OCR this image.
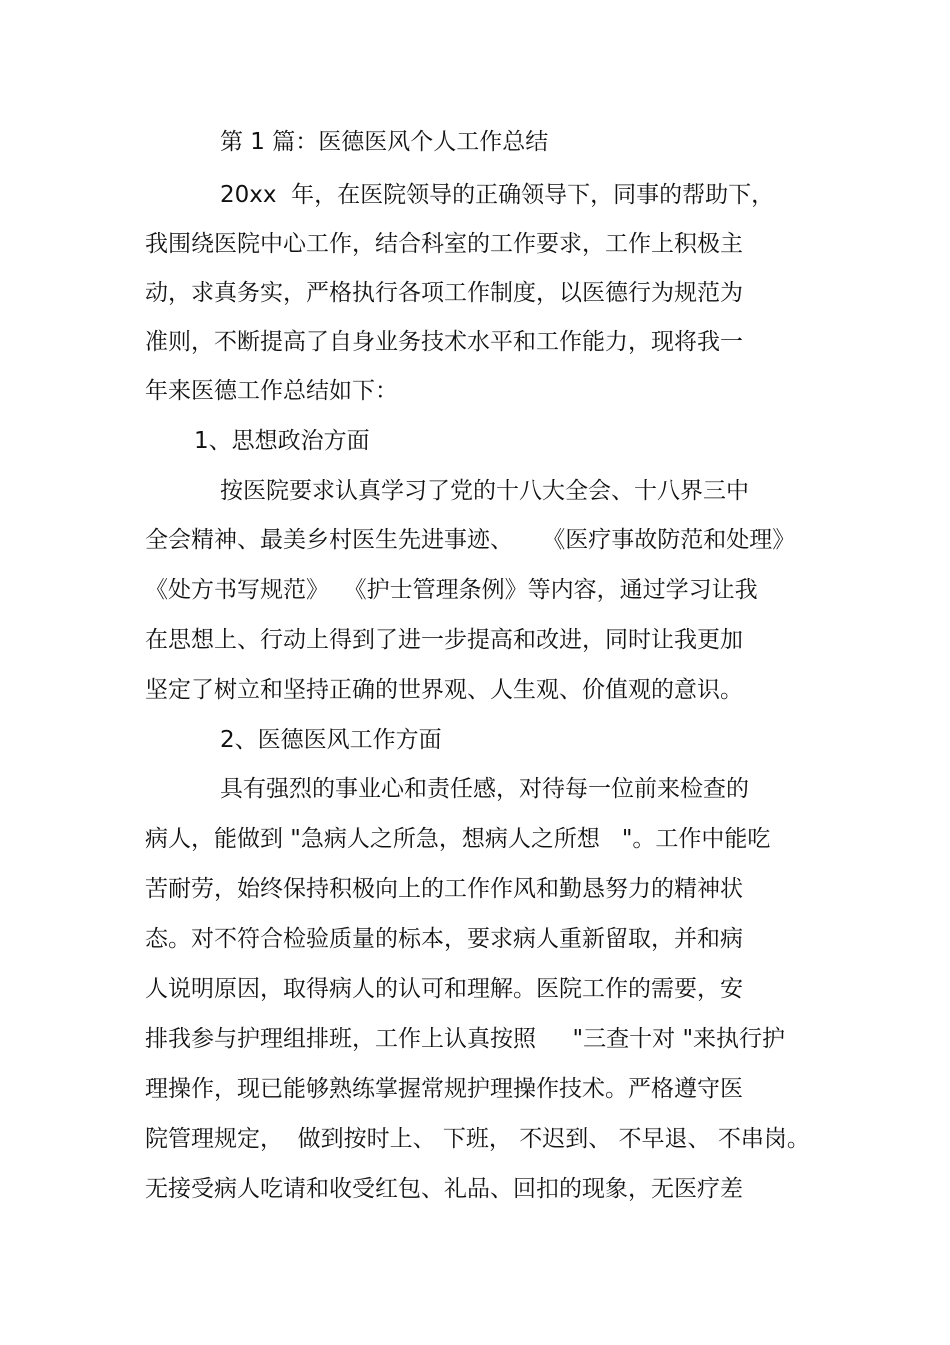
第 1 篇：医德医风个人工作总结
20xx  年，在医院领导的正确领导下，同事的帮助下，
我围绕医院中心工作，结合科室的工作要求，工作上积极主
动，求真务实，严格执行各项工作制度，以医德行为规范为
准则，不断提高了自身业务技术水平和工作能力，现将我一
年来医德工作总结如下：
1、思想政治方面
按医院要求认真学习了党的十八大全会、十八界三中
全会精神、最美乡村医生先进事迹、    《医疗事故防范和处理》
《处方书写规范》  《护士管理条例》等内容，通过学习让我
在思想上、行动上得到了进一步提高和改进，同时让我更加
坚定了树立和坚持正确的世界观、人生观、价值观的意识。
2、医德医风工作方面
具有强烈的事业心和责任感，对待每一位前来检查的
病人，能做到 "急病人之所急，想病人之所想   "。工作中能吃
苦耐劳，始终保持积极向上的工作作风和勤恳努力的精神状
态。对不符合检验质量的标本，要求病人重新留取，并和病
人说明原因，取得病人的认可和理解。医院工作的需要，安
排我参与护理组排班，工作上认真按照     "三查十对 "来执行护
理操作，现已能够熟练掌握常规护理操作技术。严格遵守医
院管理规定，  做到按时上、 下班， 不迟到、 不早退、 不串岗。
无接受病人吃请和收受红包、礼品、回扣的现象，无医疗差
